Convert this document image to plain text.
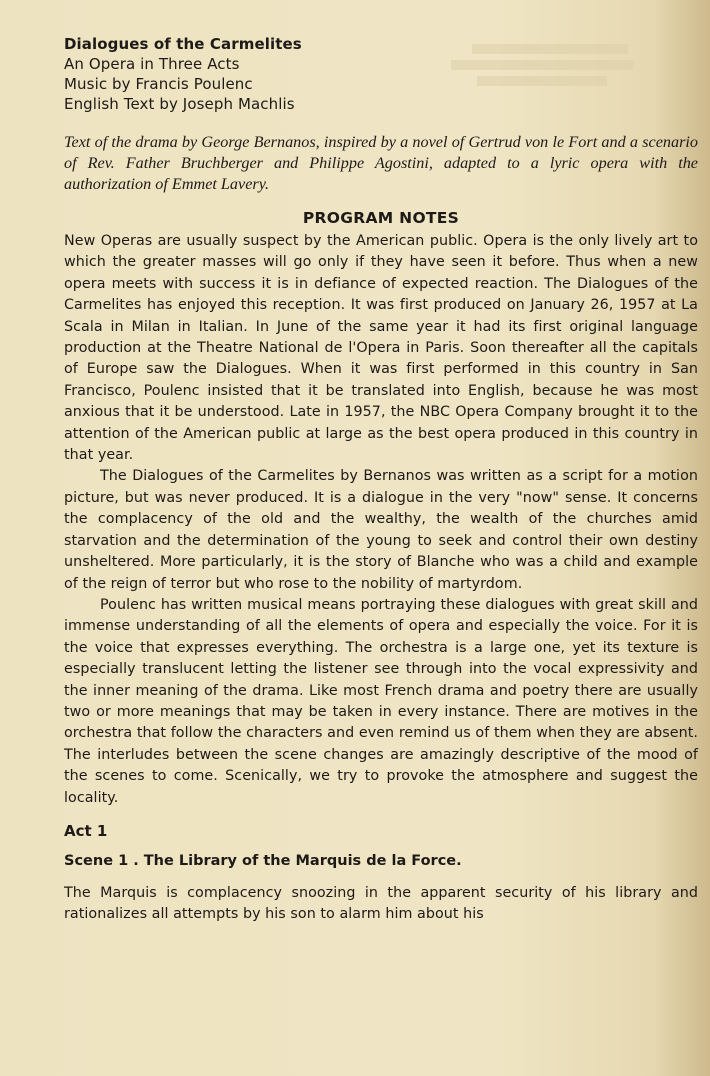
Dialogues of the Carmelites

An Opera in Three Acts

Music by Francis Poulenc

English Text by Joseph Machlis

Text of the drama by George Bernanos, inspired by a novel of Gertrud von le Fort and a scenario of Rev. Father Bruchberger and Philippe Agostini, adapted to a lyric opera with the authorization of Emmet Lavery.

PROGRAM NOTES

New Operas are usually suspect by the American public. Opera is the only lively art to which the greater masses will go only if they have seen it before. Thus when a new opera meets with success it is in defiance of expected reaction. The Dialogues of the Carmelites has enjoyed this reception. It was first produced on January 26, 1957 at La Scala in Milan in Italian. In June of the same year it had its first original language production at the Theatre National de l'Opera in Paris. Soon thereafter all the capitals of Europe saw the Dialogues. When it was first performed in this country in San Francisco, Poulenc insisted that it be translated into English, because he was most anxious that it be understood. Late in 1957, the NBC Opera Company brought it to the attention of the American public at large as the best opera produced in this country in that year.

The Dialogues of the Carmelites by Bernanos was written as a script for a motion picture, but was never produced. It is a dialogue in the very "now" sense. It concerns the complacency of the old and the wealthy, the wealth of the churches amid starvation and the determination of the young to seek and control their own destiny unsheltered. More particularly, it is the story of Blanche who was a child and example of the reign of terror but who rose to the nobility of martyrdom.

Poulenc has written musical means portraying these dialogues with great skill and immense understanding of all the elements of opera and especially the voice. For it is the voice that expresses everything. The orchestra is a large one, yet its texture is especially translucent letting the listener see through into the vocal expressivity and the inner meaning of the drama. Like most French drama and poetry there are usually two or more meanings that may be taken in every instance. There are motives in the orchestra that follow the characters and even remind us of them when they are absent. The interludes between the scene changes are amazingly descriptive of the mood of the scenes to come. Scenically, we try to provoke the atmosphere and suggest the locality.

Act 1

Scene 1 . The Library of the Marquis de la Force.

The Marquis is complacency snoozing in the apparent security of his library and rationalizes all attempts by his son to alarm him about his
